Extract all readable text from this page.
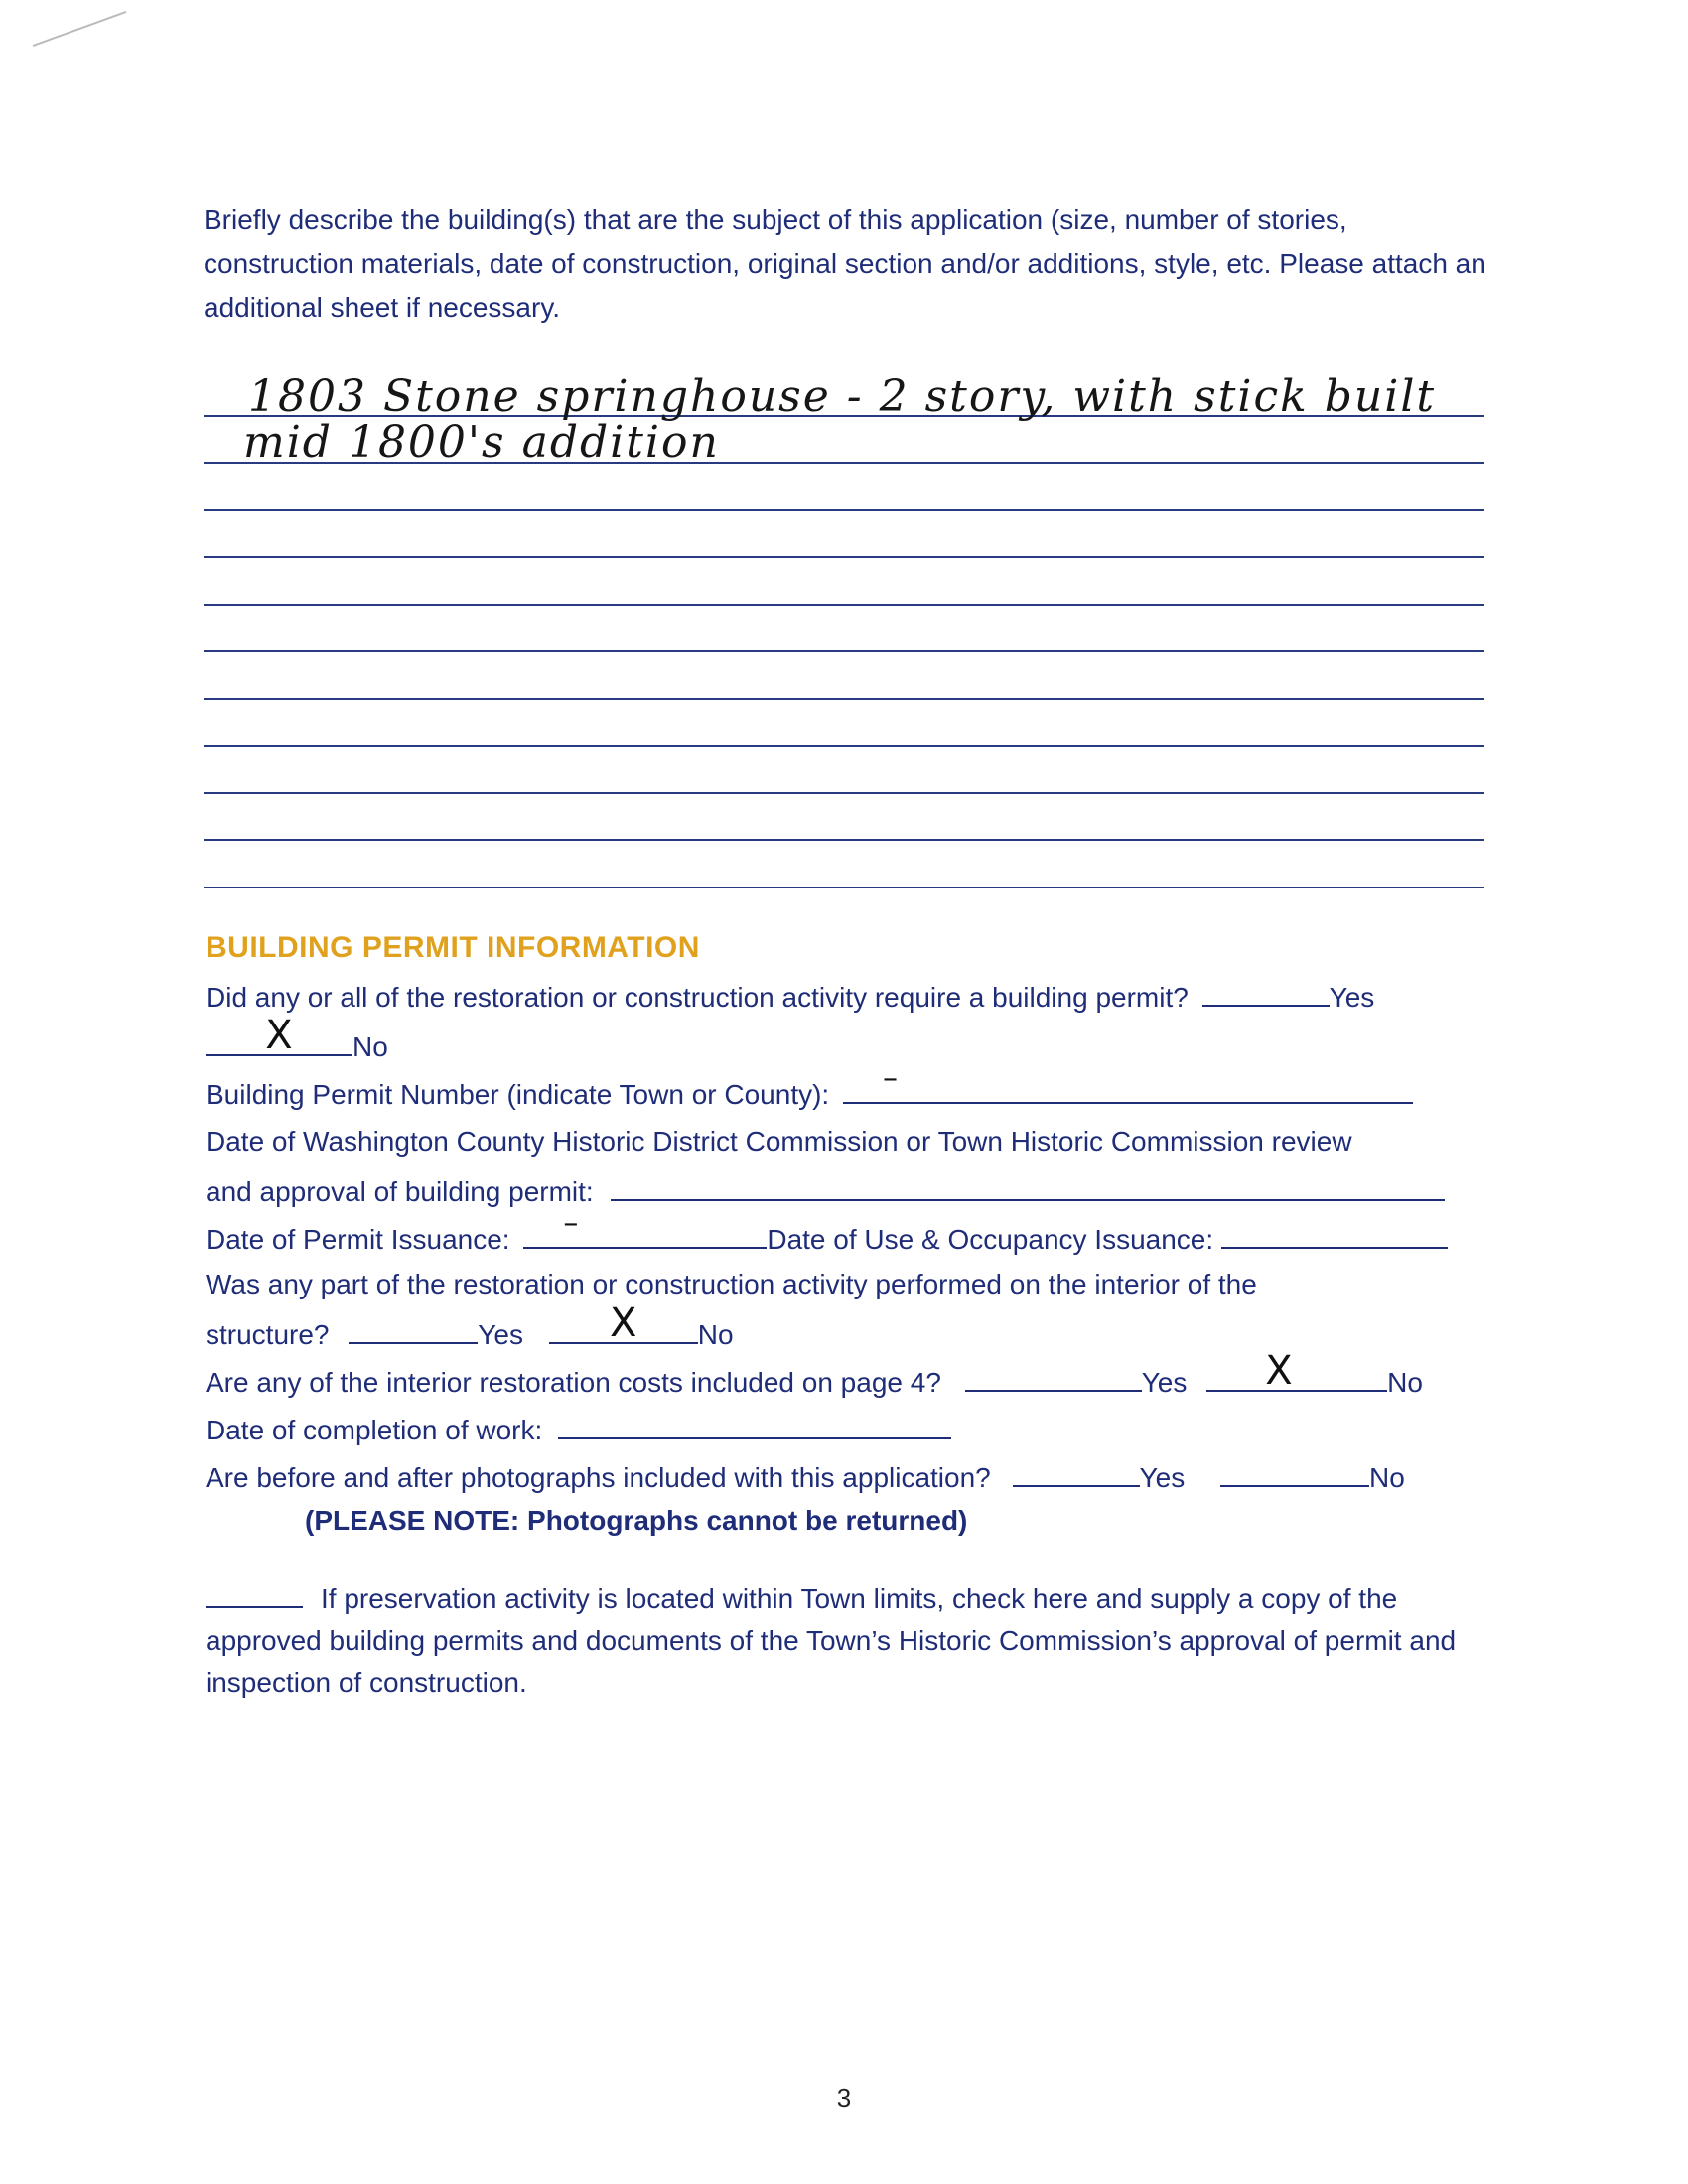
Briefly describe the building(s) that are the subject of this application (size, number of stories, construction materials, date of construction, original section and/or additions, style, etc. Please attach an additional sheet if necessary.
1803 Stone springhouse - 2 story, with stick built
mid 1800's addition
BUILDING PERMIT INFORMATION
Did any or all of the restoration or construction activity require a building permit?	Yes
X No
Building Permit Number (indicate Town or County): –
Date of Washington County Historic District Commission or Town Historic Commission review
and approval of building permit:
Date of Permit Issuance: –	Date of Use & Occupancy Issuance:
Was any part of the restoration or construction activity performed on the interior of the
structure?	Yes X No
Are any of the interior restoration costs included on page 4?	Yes X	No
Date of completion of work:
Are before and after photographs included with this application?	Yes	No
(PLEASE NOTE: Photographs cannot be returned)
If preservation activity is located within Town limits, check here and supply a copy of the approved building permits and documents of the Town’s Historic Commission’s approval of permit and inspection of construction.
3
